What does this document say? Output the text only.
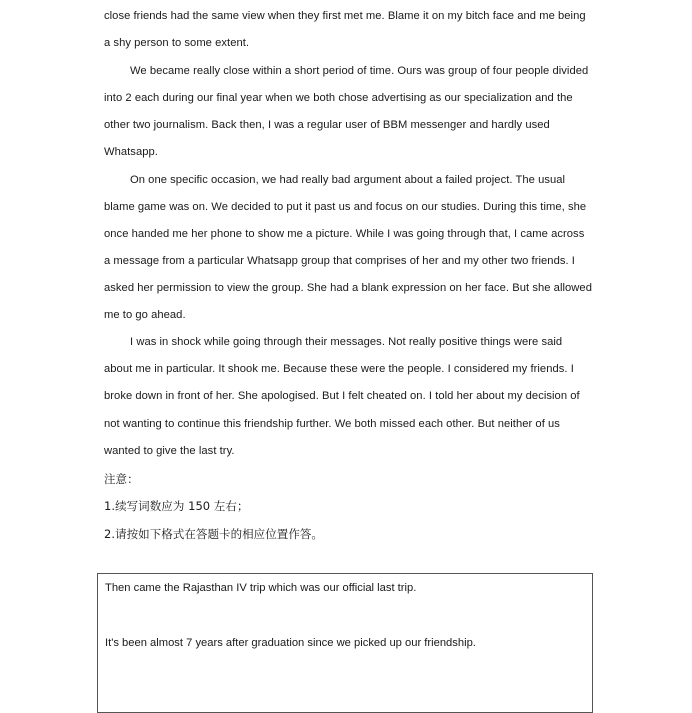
close friends had the same view when they first met me. Blame it on my bitch face and me being
a shy person to some extent.
We became really close within a short period of time. Ours was group of four people divided
into 2 each during our final year when we both chose advertising as our specialization and the
other two journalism. Back then, I was a regular user of BBM messenger and hardly used
Whatsapp.
On one specific occasion, we had really bad argument about a failed project. The usual
blame game was on. We decided to put it past us and focus on our studies. During this time, she
once handed me her phone to show me a picture. While I was going through that, I came across
a message from a particular Whatsapp group that comprises of her and my other two friends. I
asked her permission to view the group. She had a blank expression on her face. But she allowed
me to go ahead.
I was in shock while going through their messages. Not really positive things were said
about me in particular. It shook me. Because these were the people. I considered my friends. I
broke down in front of her. She apologised. But I felt cheated on. I told her about my decision of
not wanting to continue this friendship further. We both missed each other. But neither of us
wanted to give the last try.
注意：
1.续写词数应为 150 左右；
2.请按如下格式在答题卡的相应位置作答。
Then came the Rajasthan IV trip which was our official last trip.
It's been almost 7 years after graduation since we picked up our friendship.
